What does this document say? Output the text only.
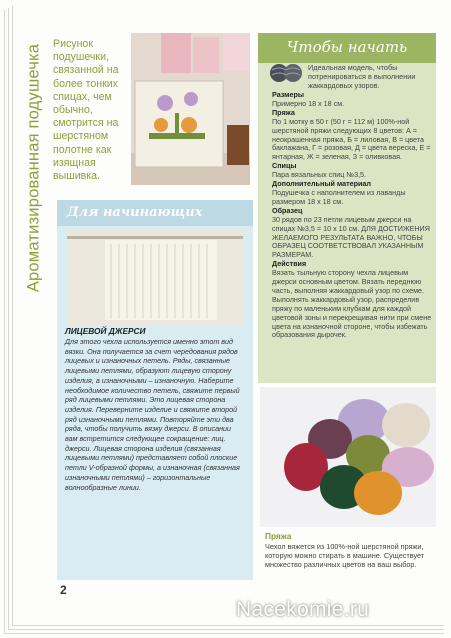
Ароматизированная подушечка Рисунок подушечки, связанной на более тонких спицах, чем обычно, смотрится на шерстяном полотне как изящная вышивка.
Чтобы начать
Идеальная модель, чтобы потренироваться в выполнении жаккардовых узоров.
Размеры
Примерно 18 х 18 см.
Пряжа
По 1 мотку в 50 г (50 г = 112 м) 100%-ной шерстяной пряжи следующих 8 цветов: А = неокрашенная пряжа, Б = лиловая, В = цвета баклажана, Г = розовая, Д = цвета вереска, Е = янтарная, Ж = зеленая, З = оливковая.
Спицы
Пара вязальных спиц №3,5.
Дополнительный материал
Подушечка с наполнителем из лаванды размером 18 х 18 см.
Образец
30 рядов по 23 петли лицевым джерси на спицах №3,5 = 10 х 10 см. ДЛЯ ДОСТИЖЕНИЯ ЖЕЛАЕМОГО РЕЗУЛЬТАТА ВАЖНО, ЧТОБЫ ОБРАЗЕЦ СООТВЕТСТВОВАЛ УКАЗАННЫМ РАЗМЕРАМ.
Действия
Вязать тыльную сторону чехла лицевым джерси основным цветом. Вязать переднюю часть, выполняя жаккардовый узор по схеме. Выполнять жаккардовый узор, распределив пряжу по маленьким клубкам для каждой цветовой зоны и перекрещивая нити при смене цвета на изнаночной стороне, чтобы избежать образования дырочек.
Для начинающих
ЛИЦЕВОЙ ДЖЕРСИ
Для этого чехла используется именно этот вид вязки. Она получается за счет чередования рядов лицевых и изнаночных петель. Ряды, связанные лицевыми петлями, образуют лицевую сторону изделия, а изнаночными – изнаночную. Наберите необходимое количество петель, свяжите первый ряд лицевыми петлями. Это лицевая сторона изделия. Переверните изделие и свяжите второй ряд изнаночными петлями. Повторяйте эти два ряда, чтобы получить вязку джерси. В описании вам встретится следующее сокращение: лиц. джерси. Лицевая сторона изделия (связанная лицевыми петлями) представляет собой плоские петли V-образной формы, а изнаночная (связанная изнаночными петлями) – горизонтальные волнообразные линии.
Пряжа
Чехол вяжется из 100%-ной шерстяной пряжи, которую можно стирать в машине. Существует множество различных цветов на ваш выбор.
2
Nacekomie.ru
